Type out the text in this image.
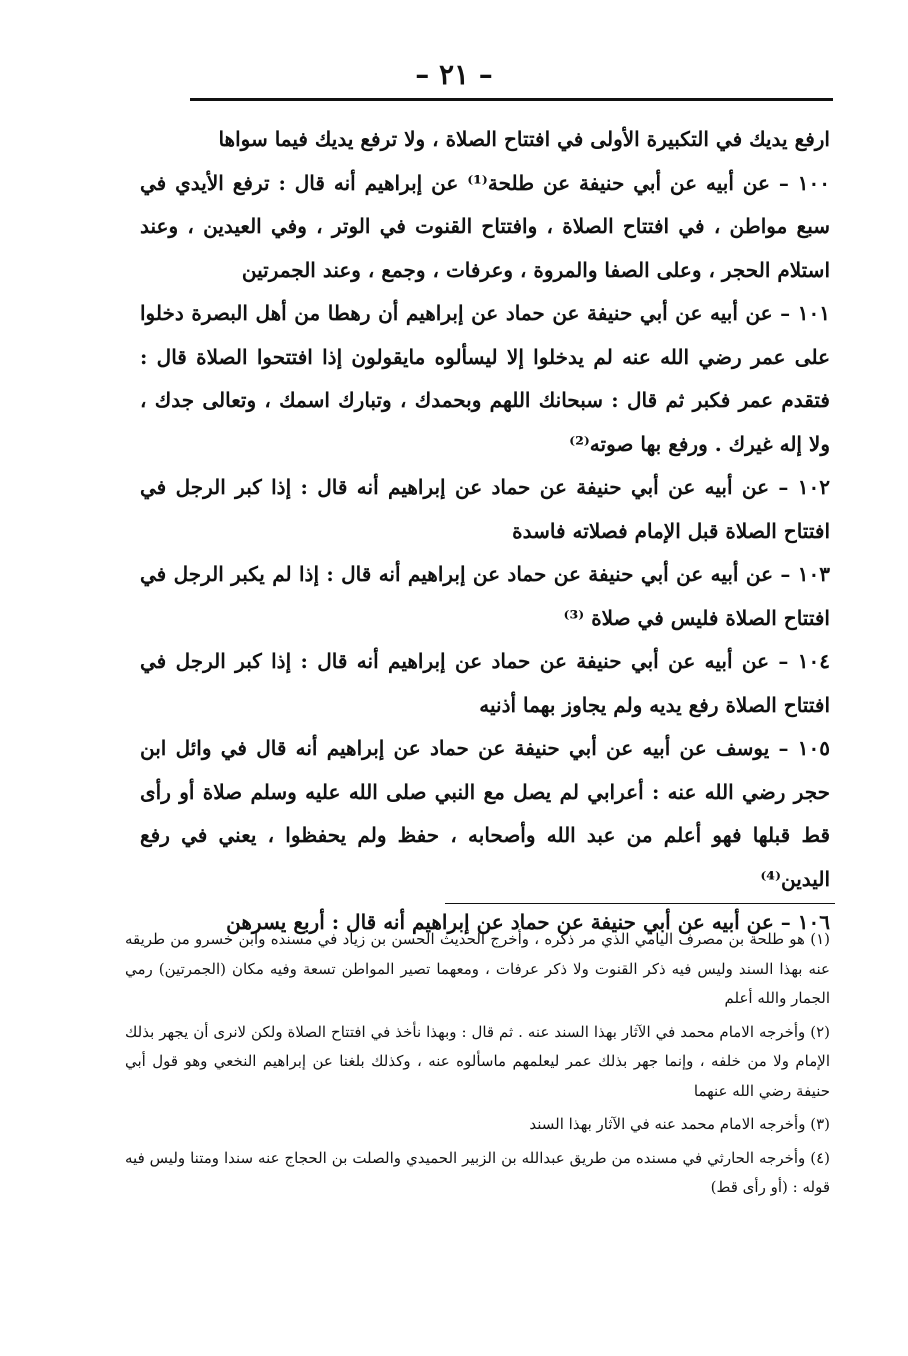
– ٢١ –

ارفع يديك في التكبيرة الأولى في افتتاح الصلاة ، ولا ترفع يديك فيما سواها

١٠٠ – عن أبيه عن أبي حنيفة عن طلحة⁽¹⁾ عن إبراهيم أنه قال : ترفع الأيدي في سبع مواطن ، في افتتاح الصلاة ، وافتتاح القنوت في الوتر ، وفي العيدين ، وعند استلام الحجر ، وعلى الصفا والمروة ، وعرفات ، وجمع ، وعند الجمرتين

١٠١ – عن أبيه عن أبي حنيفة عن حماد عن إبراهيم أن رهطا من أهل البصرة دخلوا على عمر رضي الله عنه لم يدخلوا إلا ليسألوه مايقولون إذا افتتحوا الصلاة قال : فتقدم عمر فكبر ثم قال : سبحانك اللهم وبحمدك ، وتبارك اسمك ، وتعالى جدك ، ولا إله غيرك . ورفع بها صوته⁽²⁾

١٠٢ – عن أبيه عن أبي حنيفة عن حماد عن إبراهيم أنه قال : إذا كبر الرجل في افتتاح الصلاة قبل الإمام فصلاته فاسدة

١٠٣ – عن أبيه عن أبي حنيفة عن حماد عن إبراهيم أنه قال : إذا لم يكبر الرجل في افتتاح الصلاة فليس في صلاة ⁽³⁾

١٠٤ – عن أبيه عن أبي حنيفة عن حماد عن إبراهيم أنه قال : إذا كبر الرجل في افتتاح الصلاة رفع يديه ولم يجاوز بهما أذنيه

١٠٥ – يوسف عن أبيه عن أبي حنيفة عن حماد عن إبراهيم أنه قال في وائل ابن حجر رضي الله عنه : أعرابي لم يصل مع النبي صلى الله عليه وسلم صلاة أو رأى قط قبلها فهو أعلم من عبد الله وأصحابه ، حفظ ولم يحفظوا ، يعني في رفع اليدين⁽⁴⁾

١٠٦ – عن أبيه عن أبي حنيفة عن حماد عن إبراهيم أنه قال : أربع يسرهن

(١) هو طلحة بن مصرف اليامي الذي مر ذكره ، وأخرج الحديث الحسن بن زياد في مسنده وابن خسرو من طريقه عنه بهذا السند وليس فيه ذكر القنوت ولا ذكر عرفات ، ومعهما تصير المواطن تسعة وفيه مكان (الجمرتين) رمي الجمار والله أعلم

(٢) وأخرجه الامام محمد في الآثار بهذا السند عنه . ثم قال : وبهذا نأخذ في افتتاح الصلاة ولكن لانرى أن يجهر بذلك الإمام ولا من خلفه ، وإنما جهر بذلك عمر ليعلمهم ماسألوه عنه ، وكذلك بلغنا عن إبراهيم النخعي وهو قول أبي حنيفة رضي الله عنهما

(٣) وأخرجه الامام محمد عنه في الآثار بهذا السند

(٤) وأخرجه الحارثي في مسنده من طريق عبدالله بن الزبير الحميدي والصلت بن الحجاج عنه سندا ومتنا وليس فيه قوله : (أو رأى قط)
